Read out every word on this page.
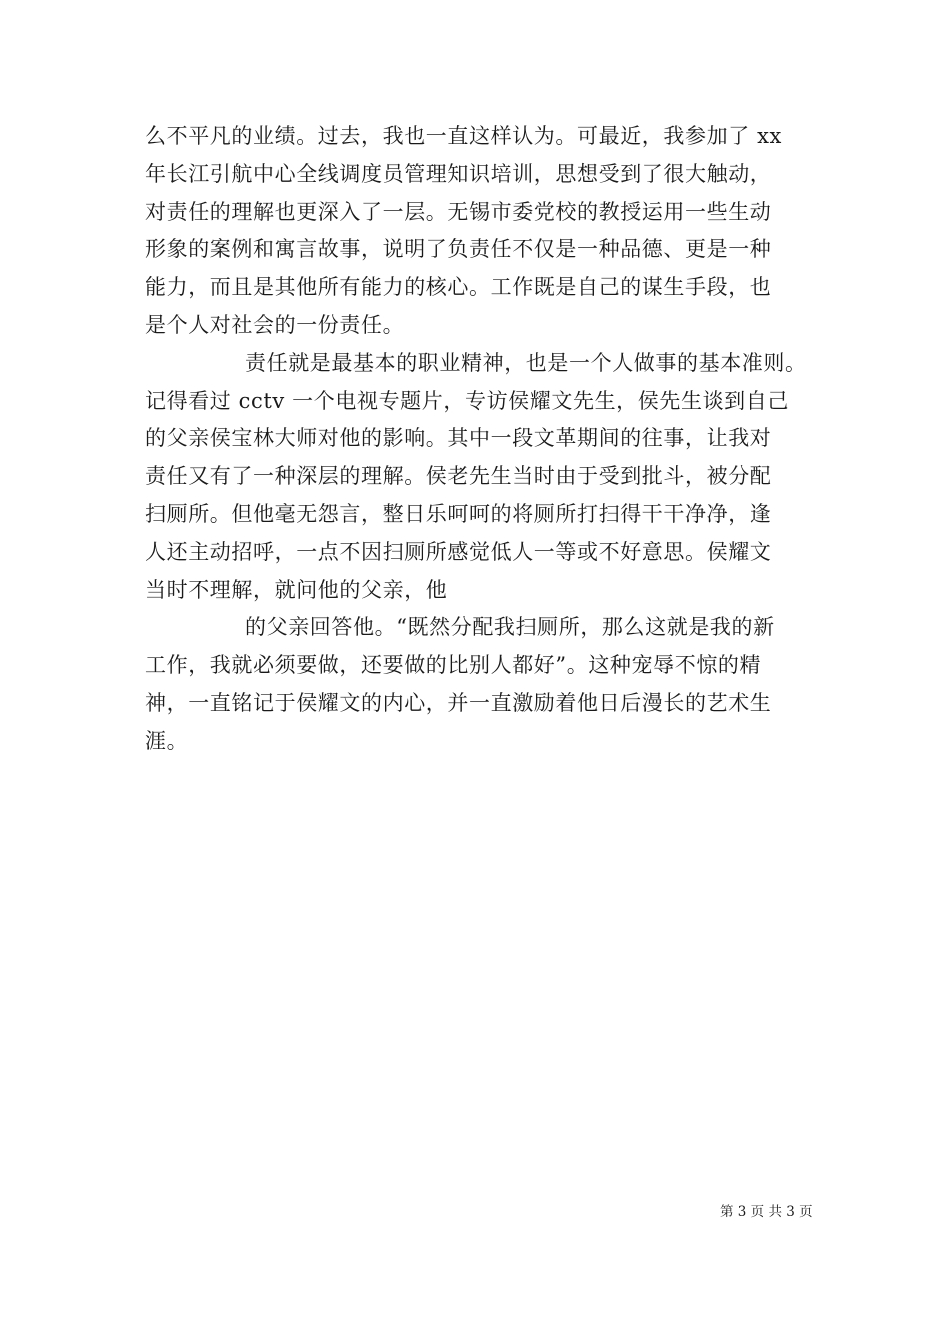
么不平凡的业绩。过去，我也一直这样认为。可最近，我参加了 xx
年长江引航中心全线调度员管理知识培训，思想受到了很大触动，
对责任的理解也更深入了一层。无锡市委党校的教授运用一些生动
形象的案例和寓言故事，说明了负责任不仅是一种品德、更是一种
能力，而且是其他所有能力的核心。工作既是自己的谋生手段，也
是个人对社会的一份责任。
责任就是最基本的职业精神，也是一个人做事的基本准则。
记得看过 cctv 一个电视专题片，专访侯耀文先生，侯先生谈到自己
的父亲侯宝林大师对他的影响。其中一段文革期间的往事，让我对
责任又有了一种深层的理解。侯老先生当时由于受到批斗，被分配
扫厕所。但他毫无怨言，整日乐呵呵的将厕所打扫得干干净净，逢
人还主动招呼，一点不因扫厕所感觉低人一等或不好意思。侯耀文
当时不理解，就问他的父亲，他
的父亲回答他。“既然分配我扫厕所，那么这就是我的新
工作，我就必须要做，还要做的比别人都好”。这种宠辱不惊的精
神，一直铭记于侯耀文的内心，并一直激励着他日后漫长的艺术生
涯。
第 3 页 共 3 页
